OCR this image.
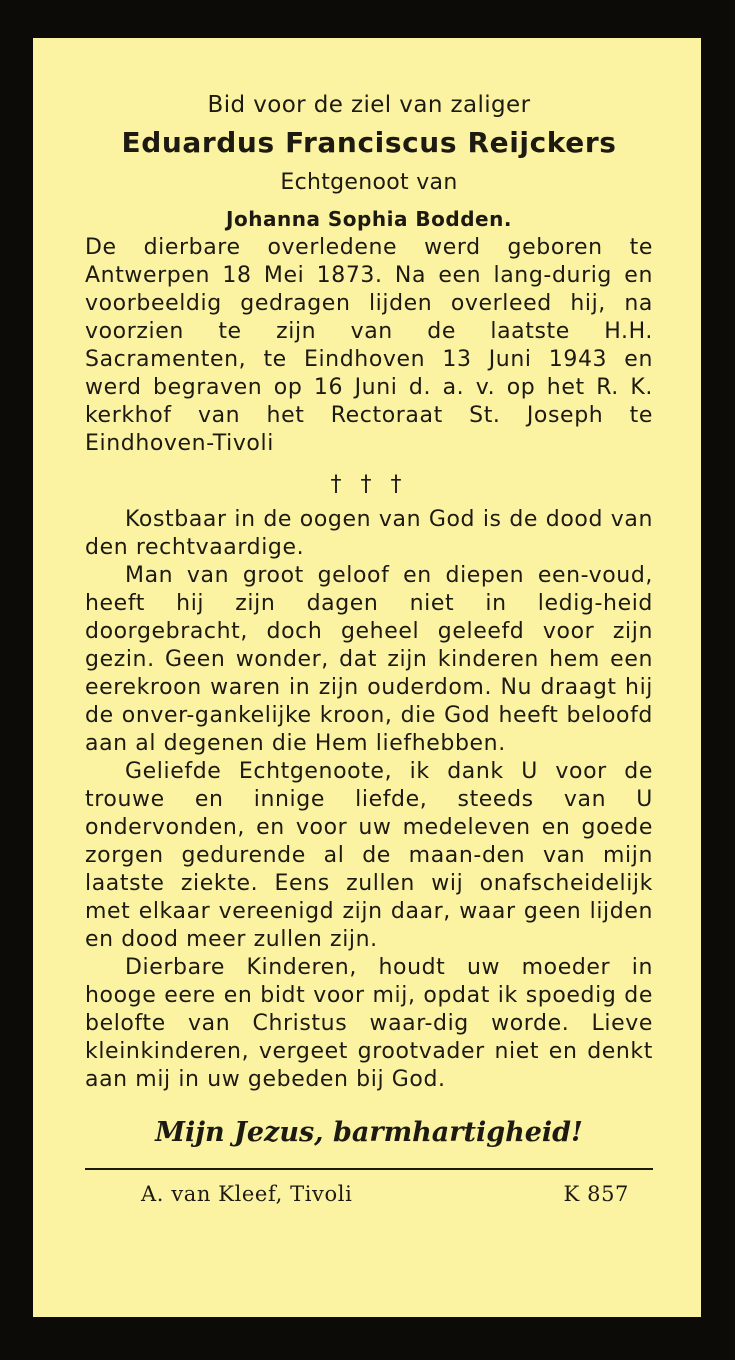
Bid voor de ziel van zaliger
Eduardus Franciscus Reijckers
Echtgenoot van
Johanna Sophia Bodden.

De dierbare overledene werd geboren te Antwerpen 18 Mei 1873. Na een lang-durig en voorbeeldig gedragen lijden overleed hij, na voorzien te zijn van de laatste H.H. Sacramenten, te Eindhoven 13 Juni 1943 en werd begraven op 16 Juni d. a. v. op het R. K. kerkhof van het Rectoraat St. Joseph te Eindhoven-Tivoli

† † †

Kostbaar in de oogen van God is de dood van den rechtvaardige.

Man van groot geloof en diepen een-voud, heeft hij zijn dagen niet in ledig-heid doorgebracht, doch geheel geleefd voor zijn gezin. Geen wonder, dat zijn kinderen hem een eerekroon waren in zijn ouderdom. Nu draagt hij de onver-gankelijke kroon, die God heeft beloofd aan al degenen die Hem liefhebben.

Geliefde Echtgenoote, ik dank U voor de trouwe en innige liefde, steeds van U ondervonden, en voor uw medeleven en goede zorgen gedurende al de maan-den van mijn laatste ziekte. Eens zullen wij onafscheidelijk met elkaar vereenigd zijn daar, waar geen lijden en dood meer zullen zijn.

Dierbare Kinderen, houdt uw moeder in hooge eere en bidt voor mij, opdat ik spoedig de belofte van Christus waar-dig worde. Lieve kleinkinderen, vergeet grootvader niet en denkt aan mij in uw gebeden bij God.

Mijn Jezus, barmhartigheid!
A. van Kleef, Tivoli	K 857
